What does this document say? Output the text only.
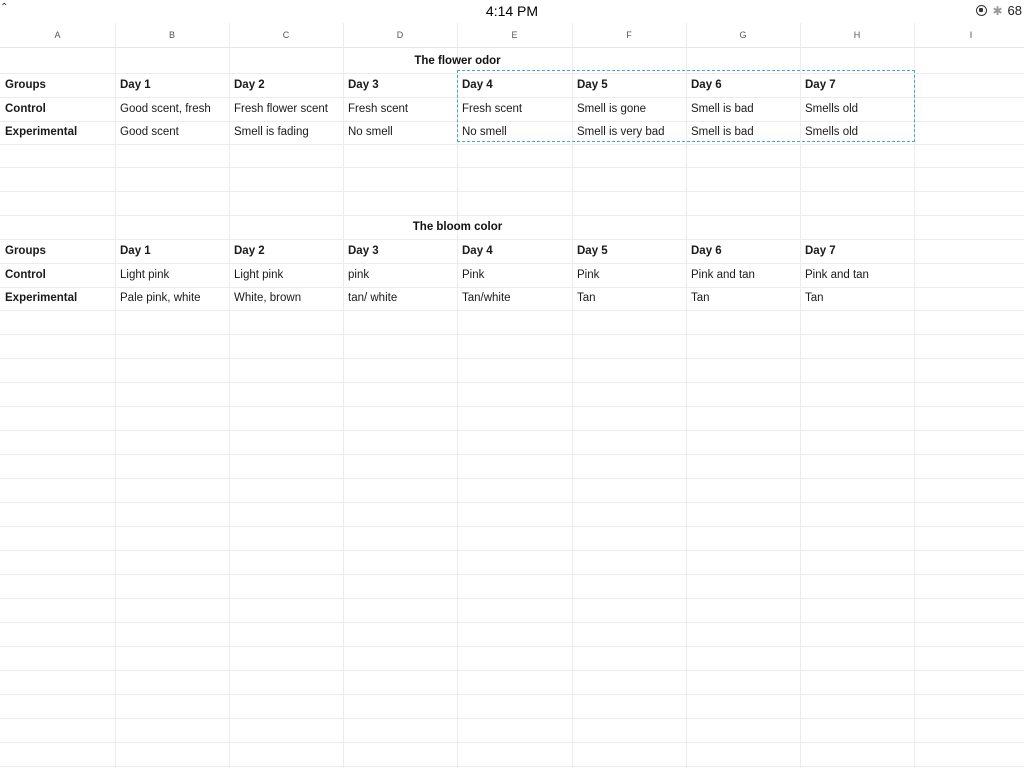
⌃	4:14 PM	✱ 68
A	B	C	D	E	F	G	H	I
The flower odor
Groups	Day 1	Day 2	Day 3	Day 4	Day 5	Day 6	Day 7
Control	Good scent, fresh	Fresh flower scent	Fresh scent	Fresh scent	Smell is gone	Smell is bad	Smells old
Experimental	Good scent	Smell is fading	No smell	No smell	Smell is very bad	Smell is bad	Smells old
The bloom color
Groups	Day 1	Day 2	Day 3	Day 4	Day 5	Day 6	Day 7
Control	Light pink	Light pink	pink	Pink	Pink	Pink and tan	Pink and tan
Experimental	Pale pink, white	White, brown	tan/ white	Tan/white	Tan	Tan	Tan
